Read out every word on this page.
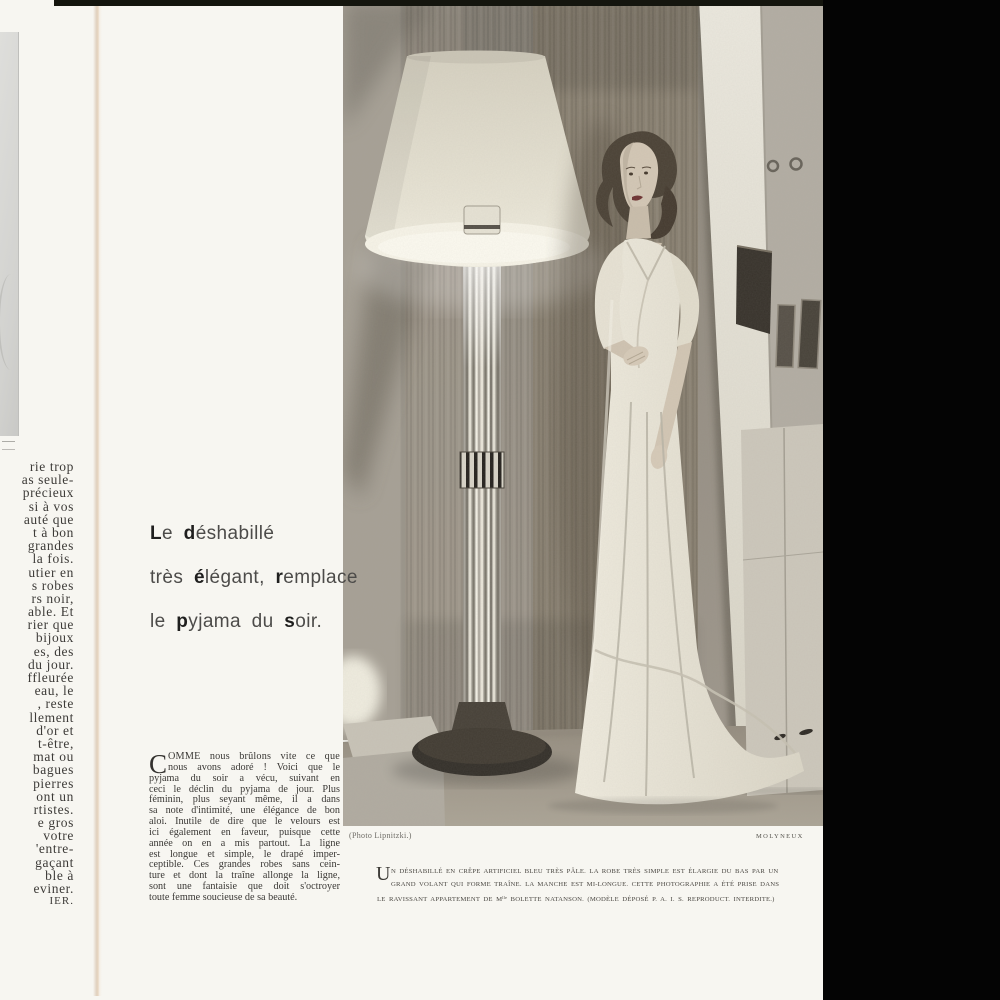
rie trop
as seule-
précieux
si à vos
auté que
t à bon
grandes
la fois.
utier en
s robes
rs noir,
able. Et
rier que
bijoux
es, des
du jour.
ffleurée
eau, le
, reste
llement
d'or et
t-être,
mat ou
bagues
pierres
ont un
rtistes.
e gros
votre
'entre-
gaçant
ble à
eviner.
IER.
Le déshabillé
très élégant, remplace
le pyjama du soir.
C OMME nous brûlons vite ce que
nous avons adoré ! Voici que le
pyjama du soir a vécu, suivant en
ceci le déclin du pyjama de jour. Plus
féminin, plus seyant même, il a dans
sa note d'intimité, une élégance de bon
aloi. Inutile de dire que le velours est
ici également en faveur, puisque cette
année on en a mis partout. La ligne
est longue et simple, le drapé imper-
ceptible. Ces grandes robes sans cein-
ture et dont la traîne allonge la ligne,
sont une fantaisie que doit s'octroyer
toute femme soucieuse de sa beauté.
(Photo Lipnitzki.)	MOLYNEUX
U N DÉSHABILLÉ EN CRÊPE ARTIFICIEL BLEU TRÈS PÂLE. LA ROBE TRÈS SIMPLE EST ÉLARGIE DU BAS PAR UN
GRAND VOLANT QUI FORME TRAÎNE. LA MANCHE EST MI-LONGUE. CETTE PHOTOGRAPHIE A ÉTÉ PRISE DANS
LE RAVISSANT APPARTEMENT DE $M^{lle}$ BOLETTE NATANSON. (MODÈLE DÉPOSÉ P. A. I. S. REPRODUCT. INTERDITE.)
